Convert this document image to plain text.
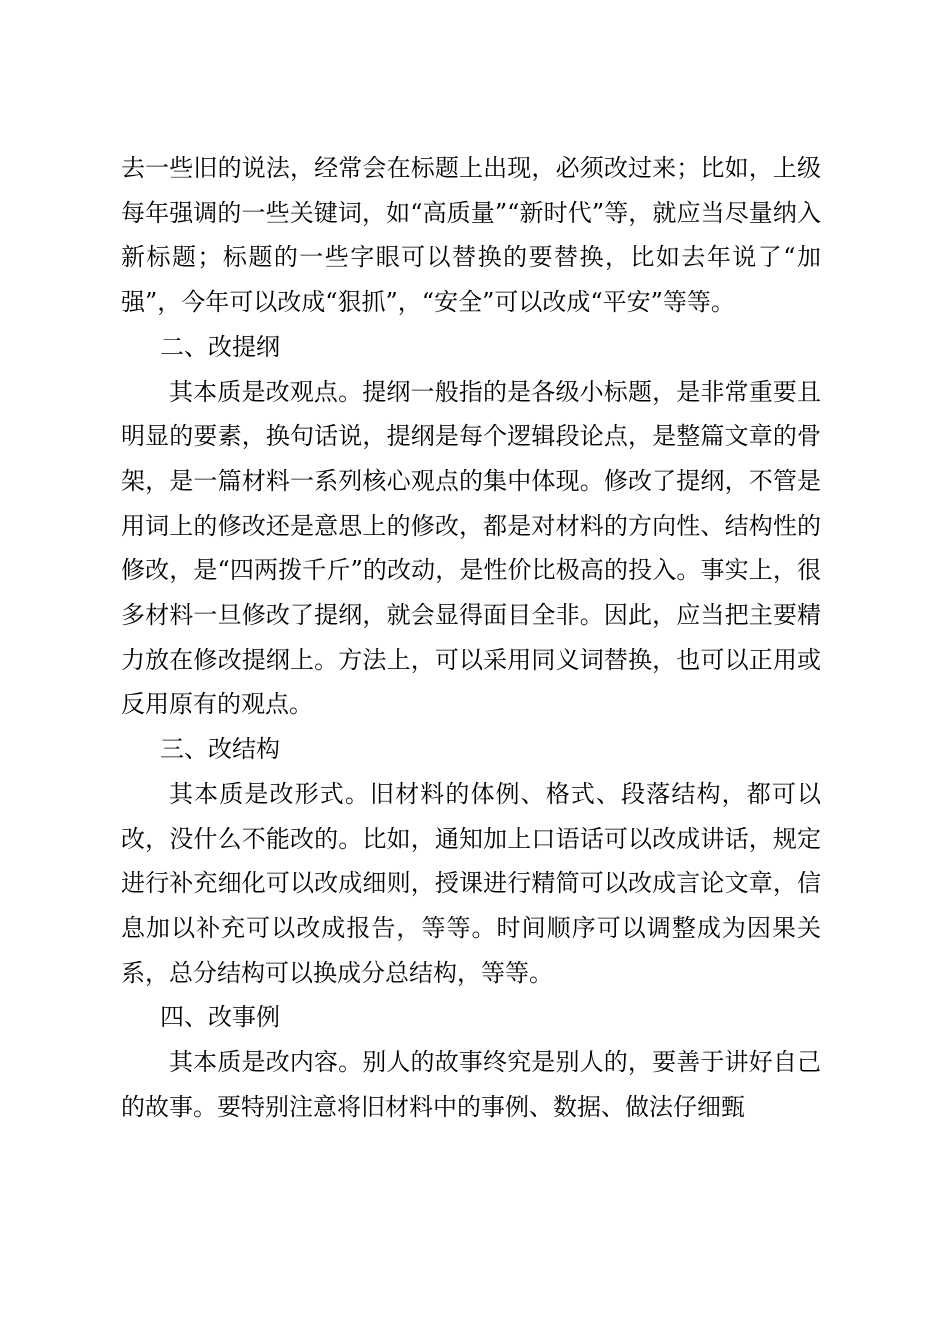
去一些旧的说法，经常会在标题上出现，必须改过来；比如，上级每年强调的一些关键词，如“高质量”“新时代”等，就应当尽量纳入新标题；标题的一些字眼可以替换的要替换，比如去年说了“加强”，今年可以改成“狠抓”，“安全”可以改成“平安”等等。

二、改提纲

其本质是改观点。提纲一般指的是各级小标题，是非常重要且明显的要素，换句话说，提纲是每个逻辑段论点，是整篇文章的骨架，是一篇材料一系列核心观点的集中体现。修改了提纲，不管是用词上的修改还是意思上的修改，都是对材料的方向性、结构性的修改，是“四两拨千斤”的改动，是性价比极高的投入。事实上，很多材料一旦修改了提纲，就会显得面目全非。因此，应当把主要精力放在修改提纲上。方法上，可以采用同义词替换，也可以正用或反用原有的观点。

三、改结构

其本质是改形式。旧材料的体例、格式、段落结构，都可以改，没什么不能改的。比如，通知加上口语话可以改成讲话，规定进行补充细化可以改成细则，授课进行精简可以改成言论文章，信息加以补充可以改成报告，等等。时间顺序可以调整成为因果关系，总分结构可以换成分总结构，等等。

四、改事例

其本质是改内容。别人的故事终究是别人的，要善于讲好自己的故事。要特别注意将旧材料中的事例、数据、做法仔细甄
